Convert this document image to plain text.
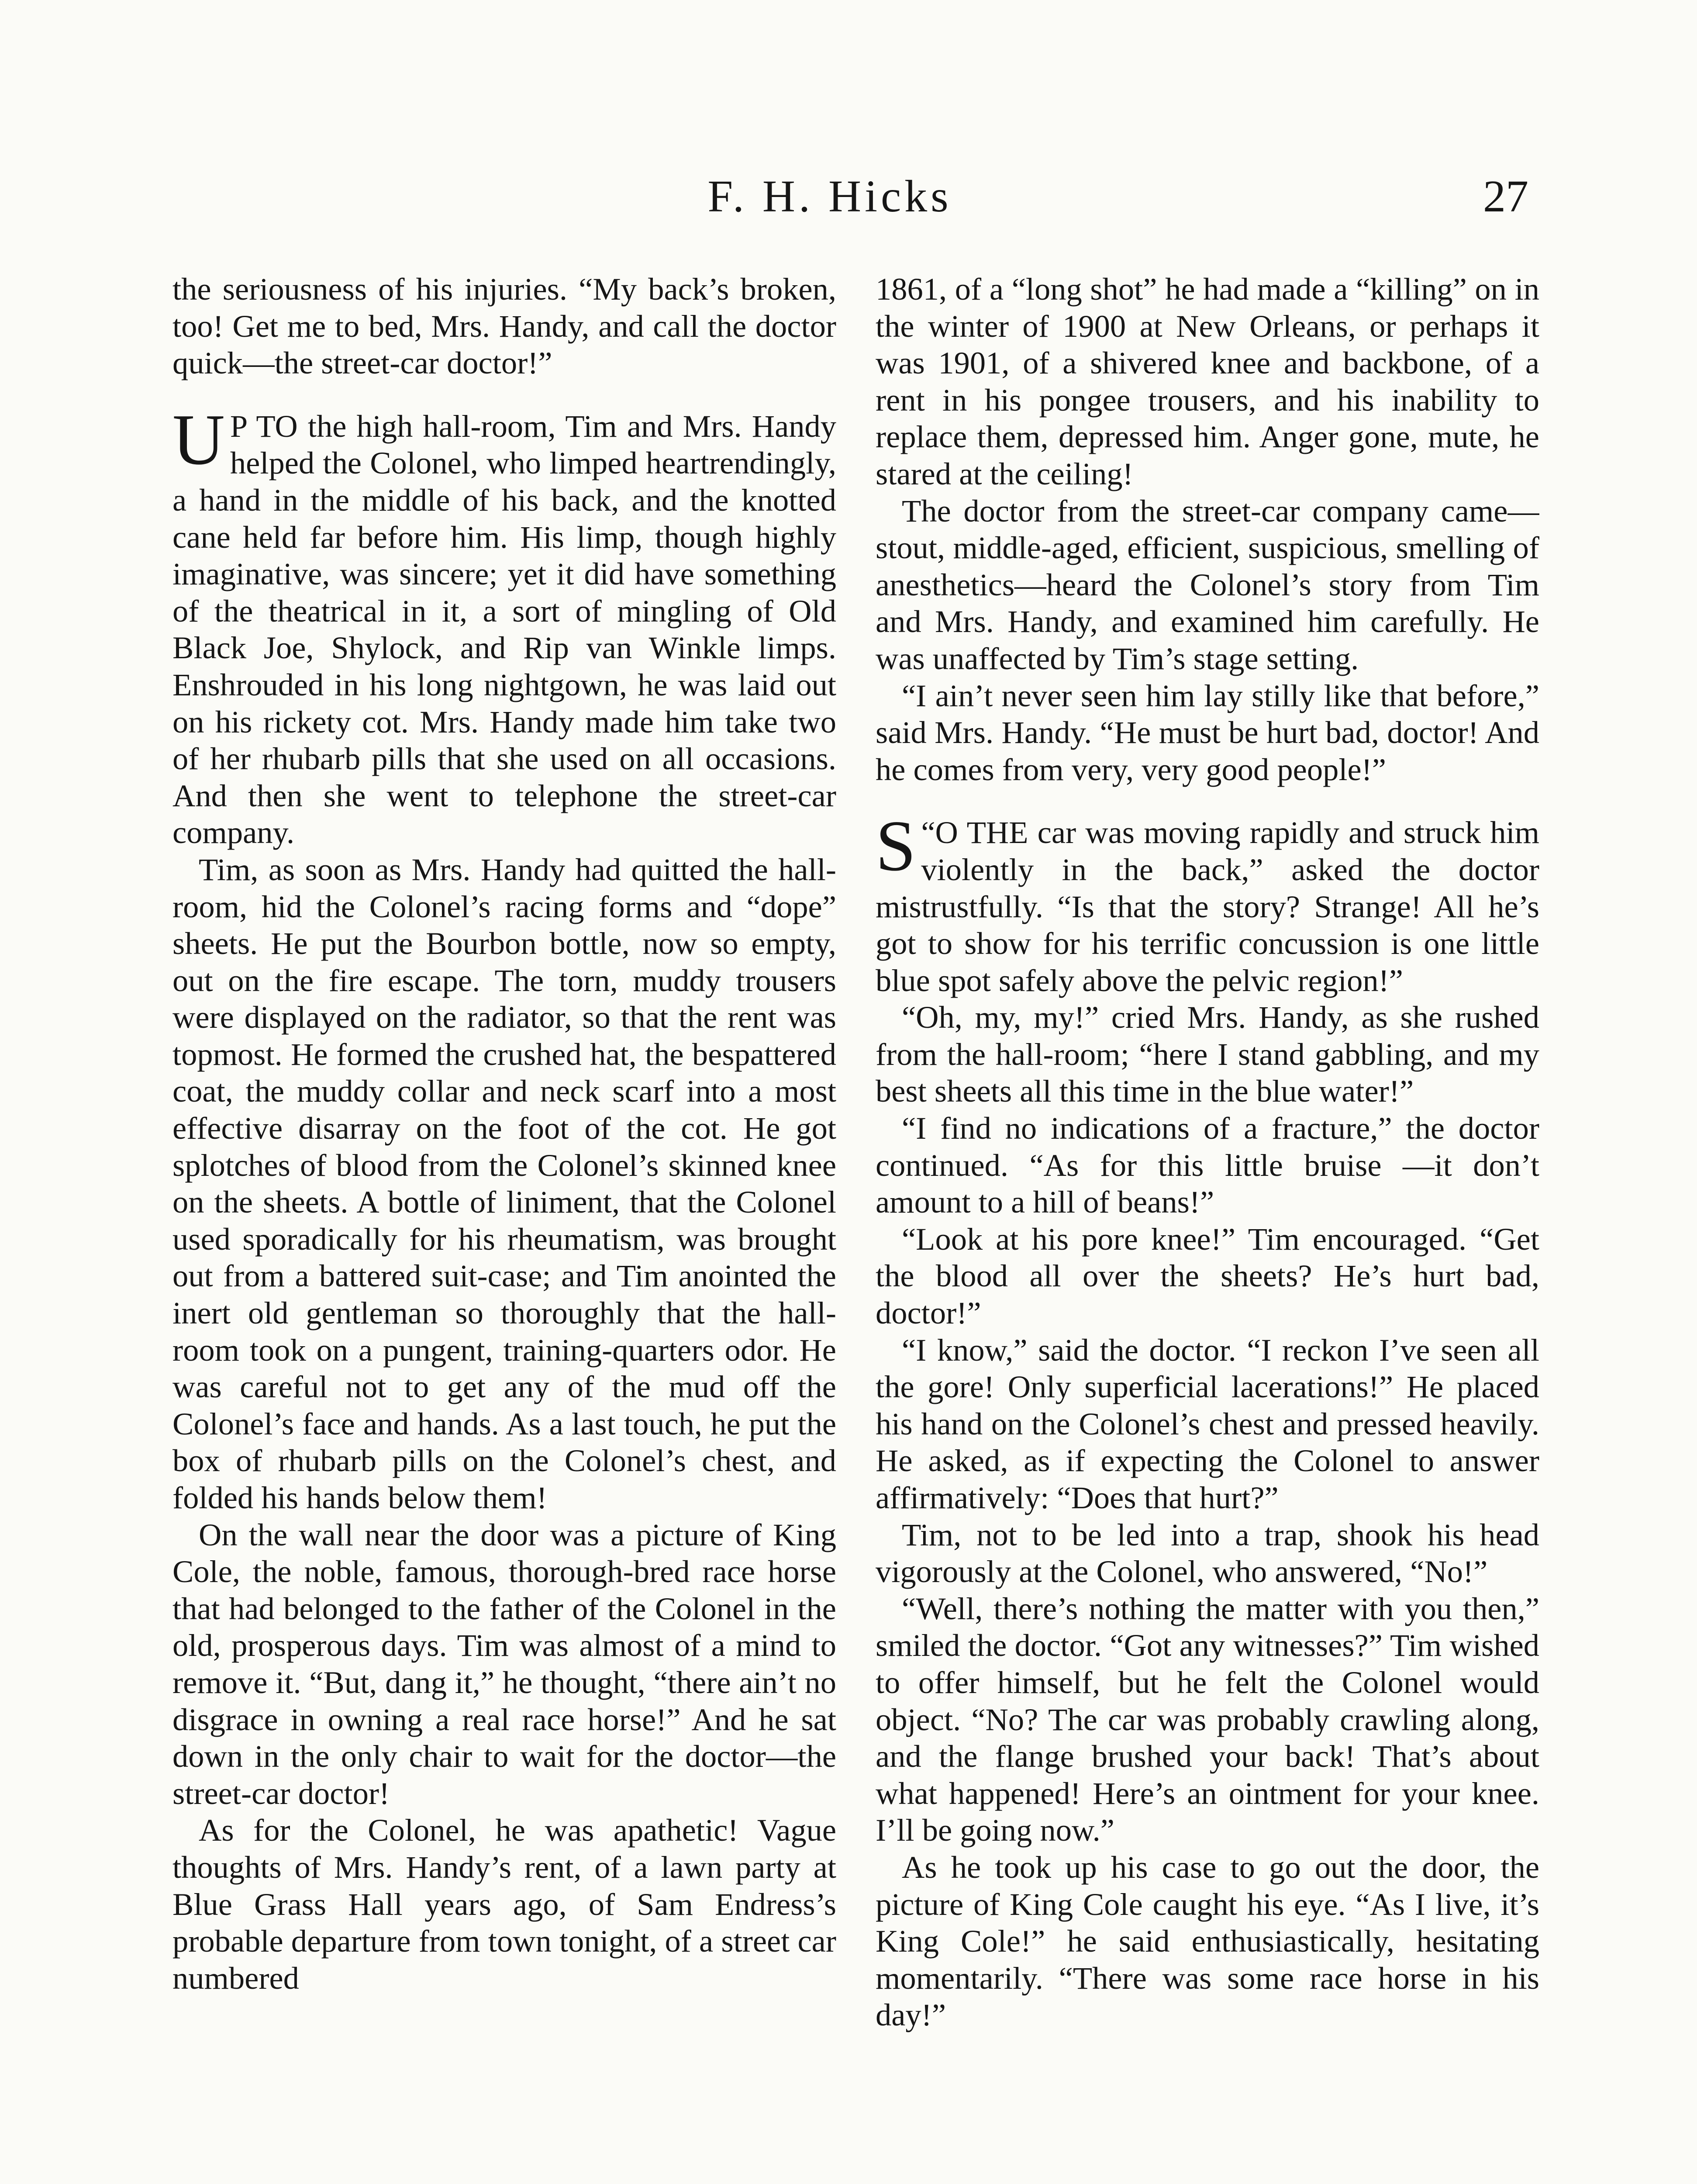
F. H. Hicks	27

the seriousness of his injuries. “My back’s broken, too! Get me to bed, Mrs. Handy, and call the doctor quick—the street-car doctor!”

U P TO the high hall-room, Tim and Mrs. Handy helped the Colonel, who limped heartrendingly, a hand in the middle of his back, and the knotted cane held far before him. His limp, though highly imaginative, was sincere; yet it did have something of the theatrical in it, a sort of mingling of Old Black Joe, Shylock, and Rip van Winkle limps. Enshrouded in his long nightgown, he was laid out on his rickety cot. Mrs. Handy made him take two of her rhubarb pills that she used on all occasions. And then she went to telephone the street-car company.

Tim, as soon as Mrs. Handy had quitted the hall-room, hid the Colonel’s racing forms and “dope” sheets. He put the Bourbon bottle, now so empty, out on the fire escape. The torn, muddy trousers were displayed on the radiator, so that the rent was topmost. He formed the crushed hat, the bespattered coat, the muddy collar and neck scarf into a most effective disarray on the foot of the cot. He got splotches of blood from the Colonel’s skinned knee on the sheets. A bottle of liniment, that the Colonel used sporadically for his rheumatism, was brought out from a battered suit-case; and Tim anointed the inert old gentleman so thoroughly that the hall-room took on a pungent, training-quarters odor. He was careful not to get any of the mud off the Colonel’s face and hands. As a last touch, he put the box of rhubarb pills on the Colonel’s chest, and folded his hands below them!

On the wall near the door was a picture of King Cole, the noble, famous, thorough-bred race horse that had belonged to the father of the Colonel in the old, prosperous days. Tim was almost of a mind to remove it. “But, dang it,” he thought, “there ain’t no disgrace in owning a real race horse!” And he sat down in the only chair to wait for the doctor—the street-car doctor!

As for the Colonel, he was apathetic! Vague thoughts of Mrs. Handy’s rent, of a lawn party at Blue Grass Hall years ago, of Sam Endress’s probable departure from town tonight, of a street car numbered

1861, of a “long shot” he had made a “killing” on in the winter of 1900 at New Orleans, or perhaps it was 1901, of a shivered knee and backbone, of a rent in his pongee trousers, and his inability to replace them, depressed him. Anger gone, mute, he stared at the ceiling!

The doctor from the street-car company came—stout, middle-aged, efficient, suspicious, smelling of anesthetics—heard the Colonel’s story from Tim and Mrs. Handy, and examined him carefully. He was unaffected by Tim’s stage setting.

“I ain’t never seen him lay stilly like that before,” said Mrs. Handy. “He must be hurt bad, doctor! And he comes from very, very good people!”

“
S O THE car was moving rapidly and struck him violently in the back,” asked the doctor mistrustfully. “Is that the story? Strange! All he’s got to show for his terrific concussion is one little blue spot safely above the pelvic region!”

“Oh, my, my!” cried Mrs. Handy, as she rushed from the hall-room; “here I stand gabbling, and my best sheets all this time in the blue water!”

“I find no indications of a fracture,” the doctor continued. “As for this little bruise —it don’t amount to a hill of beans!”

“Look at his pore knee!” Tim encouraged. “Get the blood all over the sheets? He’s hurt bad, doctor!”

“I know,” said the doctor. “I reckon I’ve seen all the gore! Only superficial lacerations!” He placed his hand on the Colonel’s chest and pressed heavily. He asked, as if expecting the Colonel to answer affirmatively: “Does that hurt?”

Tim, not to be led into a trap, shook his head vigorously at the Colonel, who answered, “No!”

“Well, there’s nothing the matter with you then,” smiled the doctor. “Got any witnesses?” Tim wished to offer himself, but he felt the Colonel would object. “No? The car was probably crawling along, and the flange brushed your back! That’s about what happened! Here’s an ointment for your knee. I’ll be going now.”

As he took up his case to go out the door, the picture of King Cole caught his eye. “As I live, it’s King Cole!” he said enthusiastically, hesitating momentarily. “There was some race horse in his day!”
